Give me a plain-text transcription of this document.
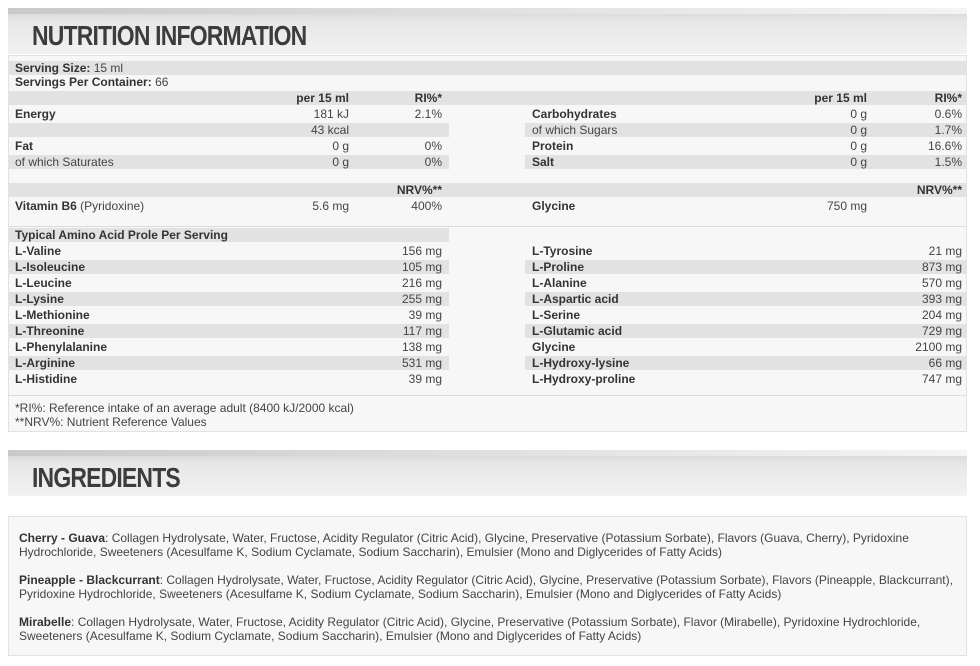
NUTRITION INFORMATION
Serving Size: 15 ml
Servings Per Container: 66
per 15 ml	RI%*	per 15 ml	RI%*
Energy	181 kJ	2.1%
43 kcal
Fat	0 g	0%
of which Saturates	0 g	0%
Carbohydrates	0 g	0.6%
of which Sugars	0 g	1.7%
Protein	0 g	16.6%
Salt	0 g	1.5%
NRV%**	NRV%**
Vitamin B6 (Pyridoxine)	5.6 mg	400%	Glycine	750 mg
Typical Amino Acid Prole Per Serving
L-Valine	156 mg
L-Isoleucine	105 mg
L-Leucine	216 mg
L-Lysine	255 mg
L-Methionine	39 mg
L-Threonine	117 mg
L-Phenylalanine	138 mg
L-Arginine	531 mg
L-Histidine	39 mg
L-Tyrosine	21 mg
L-Proline	873 mg
L-Alanine	570 mg
L-Aspartic acid	393 mg
L-Serine	204 mg
L-Glutamic acid	729 mg
Glycine	2100 mg
L-Hydroxy-lysine	66 mg
L-Hydroxy-proline	747 mg
*RI%: Reference intake of an average adult (8400 kJ/2000 kcal)
**NRV%: Nutrient Reference Values
INGREDIENTS
Cherry - Guava: Collagen Hydrolysate, Water, Fructose, Acidity Regulator (Citric Acid), Glycine, Preservative (Potassium Sorbate), Flavors (Guava, Cherry), Pyridoxine Hydrochloride, Sweeteners (Acesulfame K, Sodium Cyclamate, Sodium Saccharin), Emulsier (Mono and Diglycerides of Fatty Acids)
Pineapple - Blackcurrant: Collagen Hydrolysate, Water, Fructose, Acidity Regulator (Citric Acid), Glycine, Preservative (Potassium Sorbate), Flavors (Pineapple, Blackcurrant), Pyridoxine Hydrochloride, Sweeteners (Acesulfame K, Sodium Cyclamate, Sodium Saccharin), Emulsier (Mono and Diglycerides of Fatty Acids)
Mirabelle: Collagen Hydrolysate, Water, Fructose, Acidity Regulator (Citric Acid), Glycine, Preservative (Potassium Sorbate), Flavor (Mirabelle), Pyridoxine Hydrochloride, Sweeteners (Acesulfame K, Sodium Cyclamate, Sodium Saccharin), Emulsier (Mono and Diglycerides of Fatty Acids)
